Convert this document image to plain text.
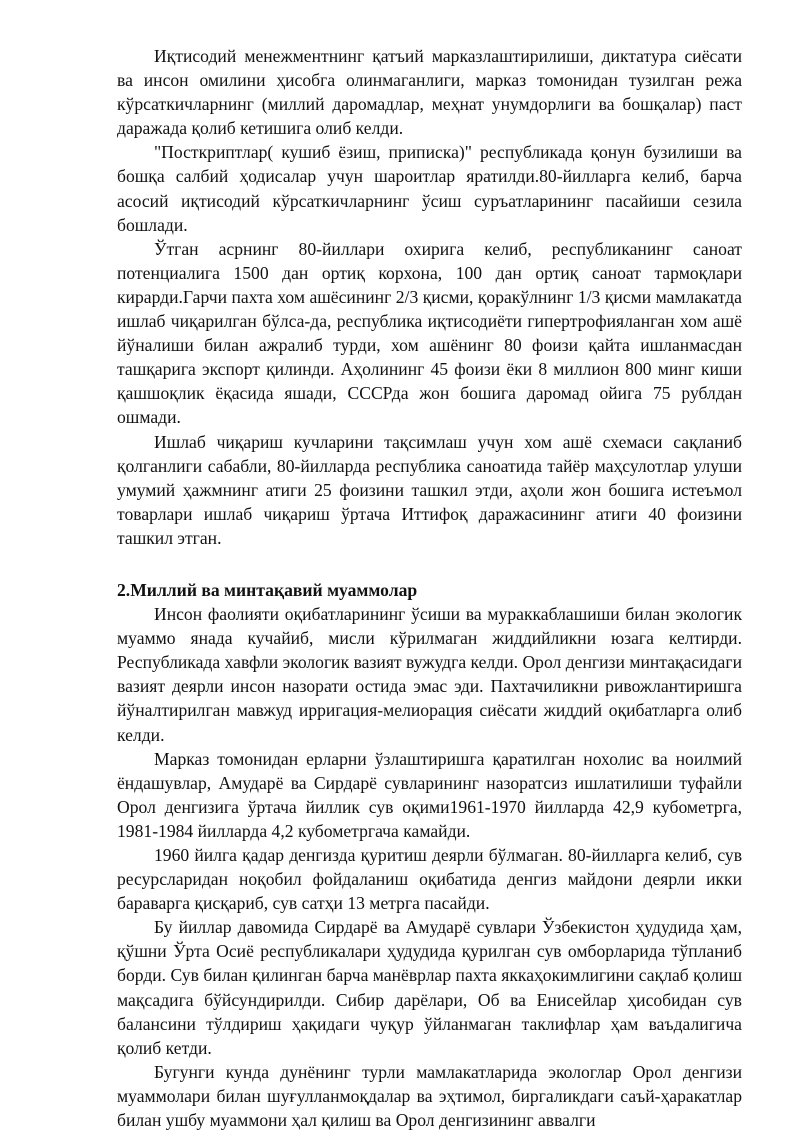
Иқтисодий менежментнинг қатъий марказлаштирилиши, диктатура сиёсати ва инсон омилини ҳисобга олинмаганлиги, марказ томонидан тузилган режа кўрсаткичларнинг (миллий даромадлар, меҳнат унумдорлиги ва бошқалар) паст даражада қолиб кетишига олиб келди.

"Посткриптлар( кушиб ёзиш, приписка)" республикада қонун бузилиши ва бошқа салбий ҳодисалар учун шароитлар яратилди.80-йилларга келиб, барча асосий иқтисодий кўрсаткичларнинг ўсиш суръатларининг пасайиши сезила бошлади.

Ўтган асрнинг 80-йиллари охирига келиб, республиканинг саноат потенциалига 1500 дан ортиқ корхона, 100 дан ортиқ саноат тармоқлари кирарди.Гарчи пахта хом ашёсининг 2/3 қисми, қоракўлнинг 1/3 қисми мамлакатда ишлаб чиқарилган бўлса-да, республика иқтисодиёти гипертрофияланган хом ашё йўналиши билан ажралиб турди, хом ашёнинг 80 фоизи қайта ишланмасдан ташқарига экспорт қилинди. Аҳолининг 45 фоизи ёки 8 миллион 800 минг киши қашшоқлик ёқасида яшади, СССРда жон бошига даромад ойига 75 рублдан ошмади.

Ишлаб чиқариш кучларини тақсимлаш учун хом ашё схемаси сақланиб қолганлиги сабабли, 80-йилларда республика саноатида тайёр маҳсулотлар улуши умумий ҳажмнинг атиги 25 фоизини ташкил этди, аҳоли жон бошига истеъмол товарлари ишлаб чиқариш ўртача Иттифоқ даражасининг атиги 40 фоизини ташкил этган.

2.Миллий ва минтақавий муаммолар

Инсон фаолияти оқибатларининг ўсиши ва мураккаблашиши билан экологик муаммо янада кучайиб, мисли кўрилмаган жиддийликни юзага келтирди. Республикада хавфли экологик вазият вужудга келди. Орол денгизи минтақасидаги вазият деярли инсон назорати остида эмас эди. Пахтачиликни ривожлантиришга йўналтирилган мавжуд ирригация-мелиорация сиёсати жиддий оқибатларга олиб келди.

Марказ томонидан ерларни ўзлаштиришга қаратилган нохолис ва ноилмий ёндашувлар, Амударё ва Сирдарё сувларининг назоратсиз ишлатилиши туфайли Орол денгизига ўртача йиллик сув оқими1961-1970 йилларда 42,9 кубометрга, 1981-1984 йилларда 4,2 кубометргача камайди.

1960 йилга қадар денгизда қуритиш деярли бўлмаган. 80-йилларга келиб, сув ресурсларидан ноқобил фойдаланиш оқибатида денгиз майдони деярли икки бараварга қисқариб, сув сатҳи 13 метрга пасайди.

Бу йиллар давомида Сирдарё ва Амударё сувлари Ўзбекистон ҳудудида ҳам, қўшни Ўрта Осиё республикалари ҳудудида қурилган сув омборларида тўпланиб борди. Сув билан қилинган барча манёврлар пахта яккаҳокимлигини сақлаб қолиш мақсадига бўйсундирилди. Сибир дарёлари, Об ва Енисейлар ҳисобидан сув балансини тўлдириш ҳақидаги чуқур ўйланмаган таклифлар ҳам ваъдалигича қолиб кетди.

Бугунги кунда дунёнинг турли мамлакатларида экологлар Орол денгизи муаммолари билан шуғулланмоқдалар ва эҳтимол, биргаликдаги саъй-ҳаракатлар билан ушбу муаммони ҳал қилиш ва Орол денгизининг аввалги
